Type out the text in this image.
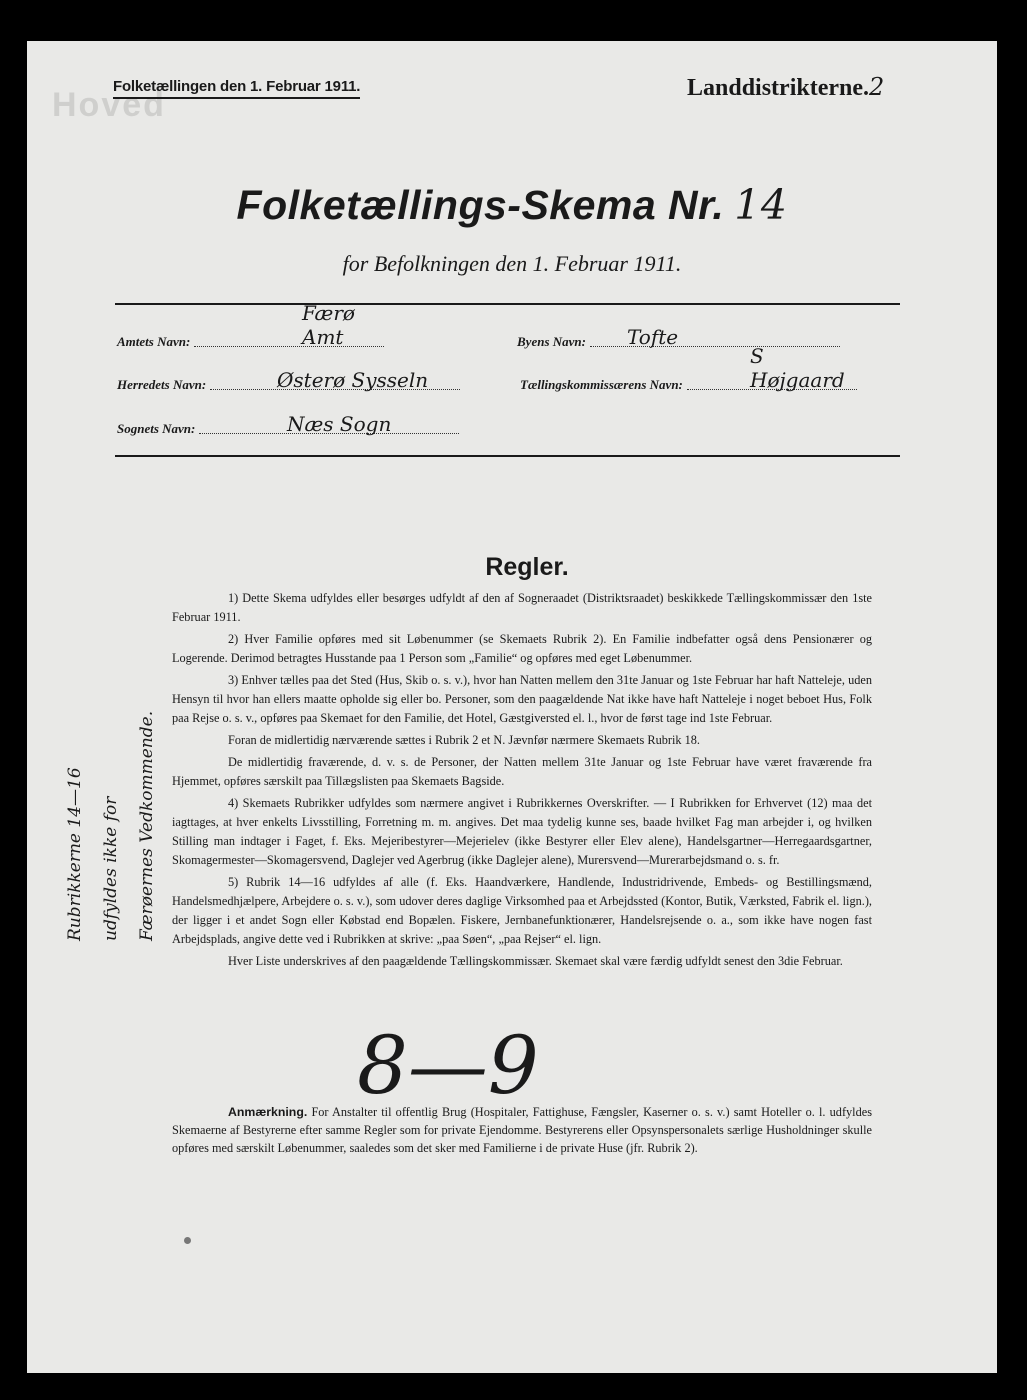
Hoved
Folketællingen den 1. Februar 1911.	Landdistrikterne.2
Folketællings-Skema Nr. 14
for Befolkningen den 1. Februar 1911.
Amtets Navn:
Færø Amt	Byens Navn: Tofte
Herredets Navn:	Østerø Sysseln	Tællingskommissærens Navn:
S Højgaard
Sognets Navn:	Næs Sogn
Regler.

1) Dette Skema udfyldes eller besørges udfyldt af den af Sogneraadet (Distriktsraadet) beskikkede Tællingskommissær den 1ste Februar 1911.

2) Hver Familie opføres med sit Løbenummer (se Skemaets Rubrik 2). En Familie indbefatter også dens Pensionærer og Logerende. Derimod betragtes Husstande paa 1 Person som „Familie“ og opføres med eget Løbenummer.

3) Enhver tælles paa det Sted (Hus, Skib o. s. v.), hvor han Natten mellem den 31te Januar og 1ste Februar har haft Natteleje, uden Hensyn til hvor han ellers maatte opholde sig eller bo. Personer, som den paagældende Nat ikke have haft Natteleje i noget beboet Hus, Folk paa Rejse o. s. v., opføres paa Skemaet for den Familie, det Hotel, Gæstgiversted el. l., hvor de først tage ind 1ste Februar.

Foran de midlertidig nærværende sættes i Rubrik 2 et N. Jævnfør nærmere Skemaets Rubrik 18.

De midlertidig fraværende, d. v. s. de Personer, der Natten mellem 31te Januar og 1ste Februar have været fraværende fra Hjemmet, opføres særskilt paa Tillægslisten paa Skemaets Bagside.

4) Skemaets Rubrikker udfyldes som nærmere angivet i Rubrikkernes Overskrifter. — I Rubrikken for Erhvervet (12) maa det iagttages, at hver enkelts Livsstilling, Forretning m. m. angives. Det maa tydelig kunne ses, baade hvilket Fag man arbejder i, og hvilken Stilling man indtager i Faget, f. Eks. Mejeribestyrer—Mejerielev (ikke Bestyrer eller Elev alene), Handelsgartner—Herregaardsgartner, Skomagermester—Skomagersvend, Daglejer ved Agerbrug (ikke Daglejer alene), Murersvend—Murerarbejdsmand o. s. fr.

5) Rubrik 14—16 udfyldes af alle (f. Eks. Haandværkere, Handlende, Industridrivende, Embeds- og Bestillingsmænd, Handelsmedhjælpere, Arbejdere o. s. v.), som udover deres daglige Virksomhed paa et Arbejdssted (Kontor, Butik, Værksted, Fabrik el. lign.), der ligger i et andet Sogn eller Købstad end Bopælen. Fiskere, Jernbanefunktionærer, Handelsrejsende o. a., som ikke have nogen fast Arbejdsplads, angive dette ved i Rubrikken at skrive: „paa Søen“, „paa Rejser“ el. lign.

Hver Liste underskrives af den paagældende Tællingskommissær. Skemaet skal være færdig udfyldt senest den 3die Februar.

Anmærkning. For Anstalter til offentlig Brug (Hospitaler, Fattighuse, Fængsler, Kaserner o. s. v.) samt Hoteller o. l. udfyldes Skemaerne af Bestyrerne efter samme Regler som for private Ejendomme. Bestyrerens eller Opsynspersonalets særlige Husholdninger skulle opføres med særskilt Løbenummer, saaledes som det sker med Familierne i de private Huse (jfr. Rubrik 2).
8—9
Rubrikkerne 14—16 udfyldes ikke for Færøernes Vedkommende.
